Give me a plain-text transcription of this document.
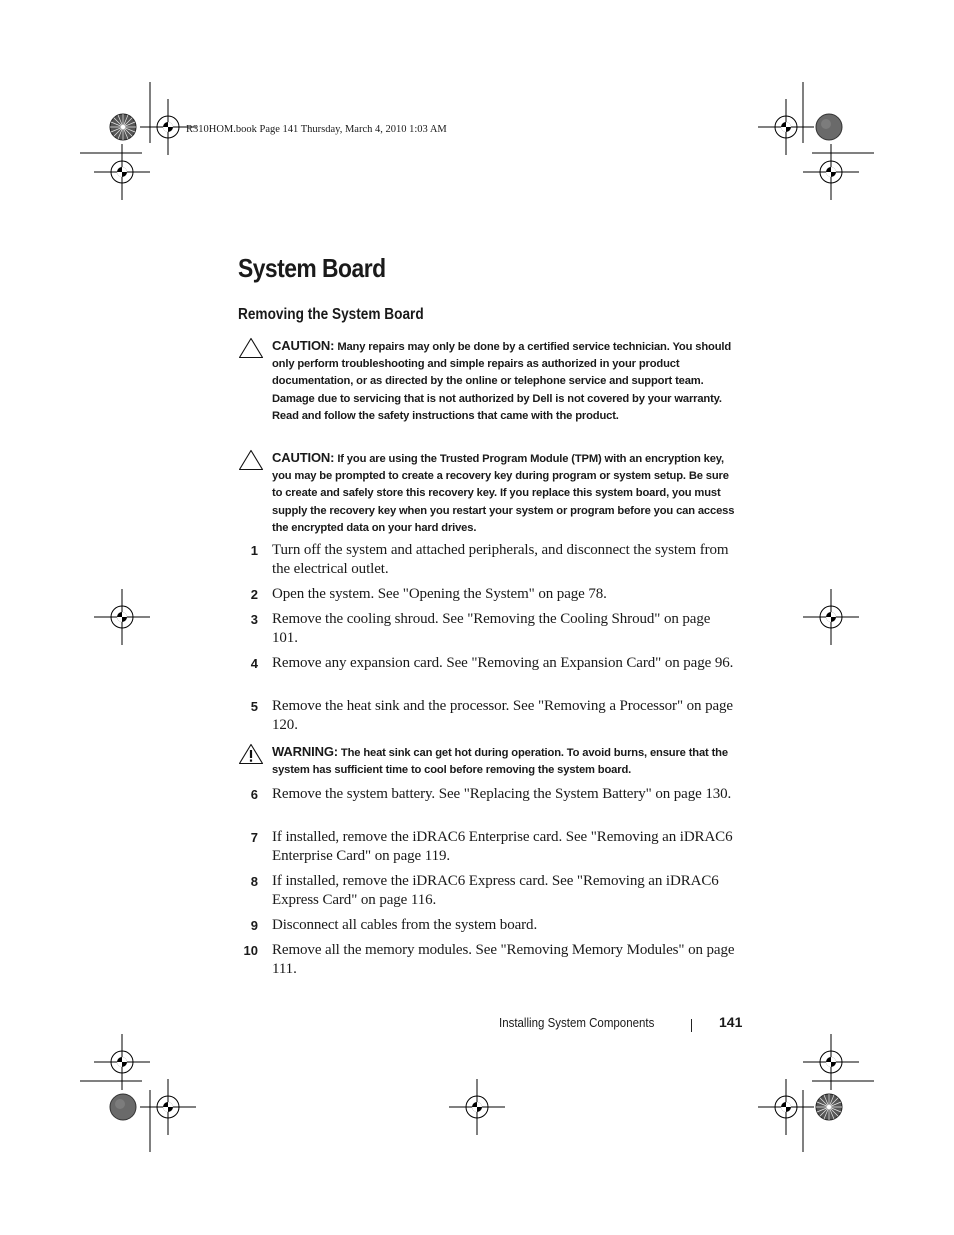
R310HOM.book Page 141 Thursday, March 4, 2010 1:03 AM
System Board
Removing the System Board
CAUTION: Many repairs may only be done by a certified service technician. You should only perform troubleshooting and simple repairs as authorized in your product documentation, or as directed by the online or telephone service and support team. Damage due to servicing that is not authorized by Dell is not covered by your warranty. Read and follow the safety instructions that came with the product.
CAUTION: If you are using the Trusted Program Module (TPM) with an encryption key, you may be prompted to create a recovery key during program or system setup. Be sure to create and safely store this recovery key. If you replace this system board, you must supply the recovery key when you restart your system or program before you can access the encrypted data on your hard drives.
1 Turn off the system and attached peripherals, and disconnect the system from the electrical outlet.
2 Open the system. See "Opening the System" on page 78.
3 Remove the cooling shroud. See "Removing the Cooling Shroud" on page 101.
4 Remove any expansion card. See "Removing an Expansion Card" on page 96.
5 Remove the heat sink and the processor. See "Removing a Processor" on page 120.
WARNING: The heat sink can get hot during operation. To avoid burns, ensure that the system has sufficient time to cool before removing the system board.
6 Remove the system battery. See "Replacing the System Battery" on page 130.
7 If installed, remove the iDRAC6 Enterprise card. See "Removing an iDRAC6 Enterprise Card" on page 119.
8 If installed, remove the iDRAC6 Express card. See "Removing an iDRAC6 Express Card" on page 116.
9 Disconnect all cables from the system board.
10 Remove all the memory modules. See "Removing Memory Modules" on page 111.
Installing System Components	141
